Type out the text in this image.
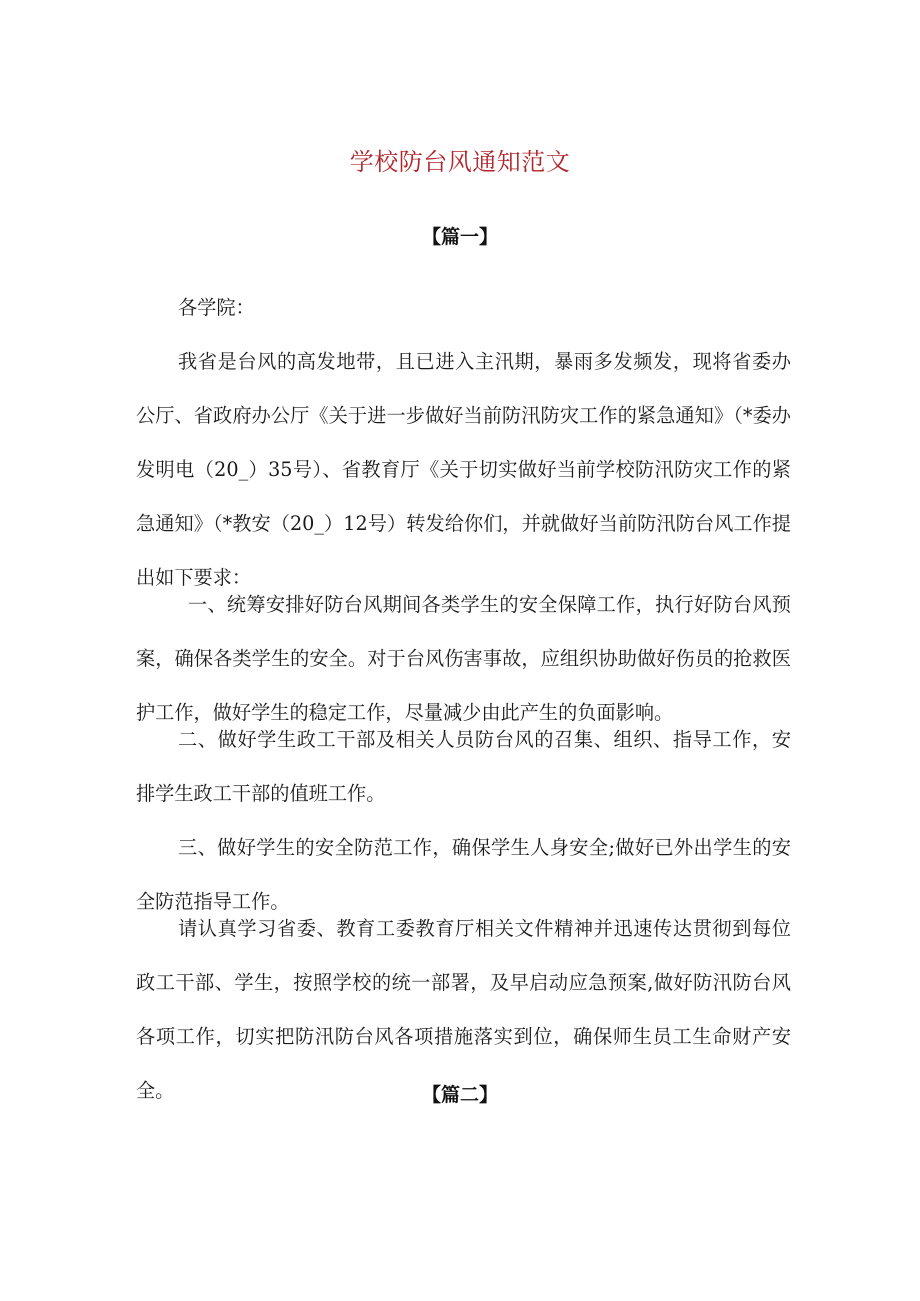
学校防台风通知范文
【篇一】
各学院：

我省是台风的高发地带，且已进入主汛期，暴雨多发频发，现将省委办公厅、省政府办公厅《关于进一步做好当前防汛防灾工作的紧急通知》（*委办发明电（20_）35号）、省教育厅《关于切实做好当前学校防汛防灾工作的紧急通知》（*教安（20_）12号）转发给你们，并就做好当前防汛防台风工作提出如下要求：

一、统筹安排好防台风期间各类学生的安全保障工作，执行好防台风预案，确保各类学生的安全。对于台风伤害事故，应组织协助做好伤员的抢救医护工作，做好学生的稳定工作，尽量减少由此产生的负面影响。

二、做好学生政工干部及相关人员防台风的召集、组织、指导工作，安排学生政工干部的值班工作。

三、做好学生的安全防范工作，确保学生人身安全;做好已外出学生的安全防范指导工作。

请认真学习省委、教育工委教育厅相关文件精神并迅速传达贯彻到每位政工干部、学生，按照学校的统一部署，及早启动应急预案,做好防汛防台风各项工作，切实把防汛防台风各项措施落实到位，确保师生员工生命财产安全。	【篇二】
